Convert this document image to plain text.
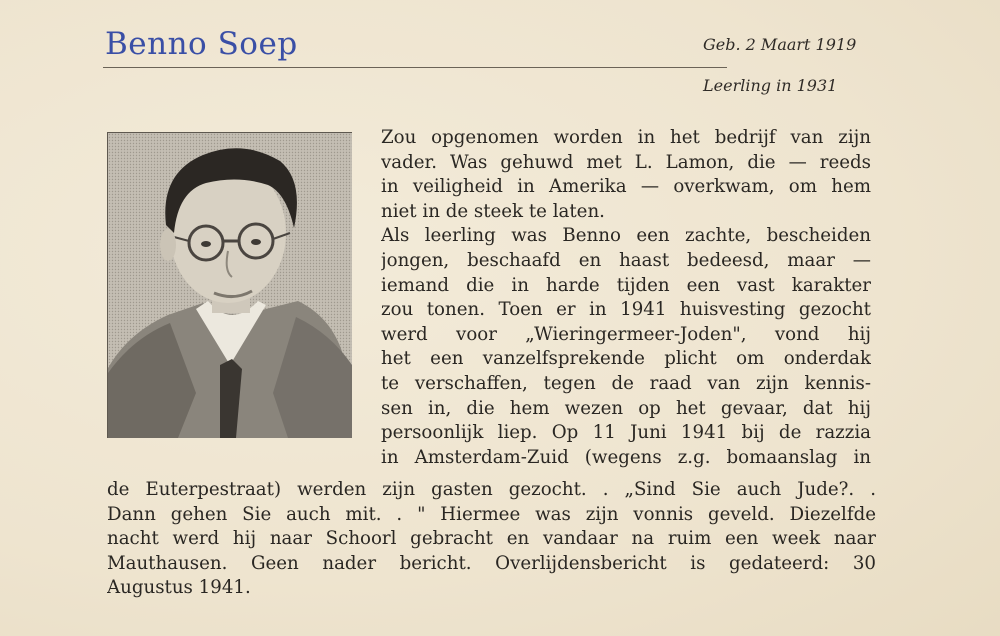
Benno Soep	Geb. 2 Maart 1919
Leerling in 1931
Zou opgenomen worden in het bedrijf van zijn
vader. Was gehuwd met L. Lamon, die — reeds
in veiligheid in Amerika — overkwam, om hem
niet in de steek te laten.
Als leerling was Benno een zachte, bescheiden
jongen, beschaafd en haast bedeesd, maar —
iemand die in harde tijden een vast karakter
zou tonen. Toen er in 1941 huisvesting gezocht
werd voor „Wieringermeer-Joden", vond hij
het een vanzelfsprekende plicht om onderdak
te verschaffen, tegen de raad van zijn kennis-
sen in, die hem wezen op het gevaar, dat hij
persoonlijk liep. Op 11 Juni 1941 bij de razzia
in Amsterdam-Zuid (wegens z.g. bomaanslag in
de Euterpestraat) werden zijn gasten gezocht. . „Sind Sie auch Jude?. .
Dann gehen Sie auch mit. . " Hiermee was zijn vonnis geveld. Diezelfde
nacht werd hij naar Schoorl gebracht en vandaar na ruim een week naar
Mauthausen. Geen nader bericht. Overlijdensbericht is gedateerd: 30
Augustus 1941.
